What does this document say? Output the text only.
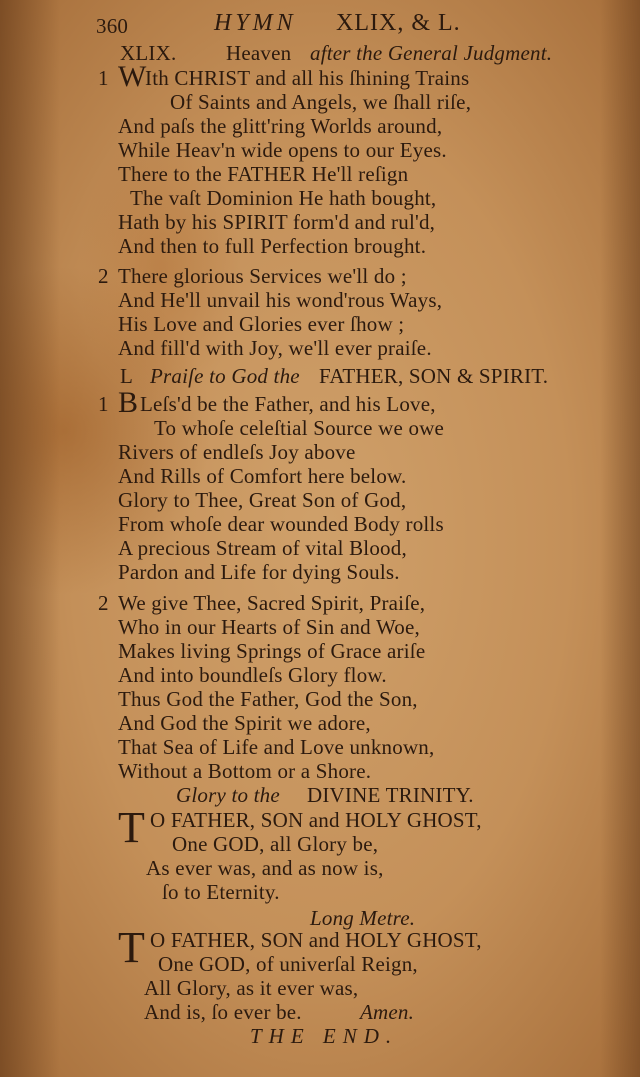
360	HYMN XLIX, & L.
XLIX. Heaven after the General Judgment.
1 W
Ith CHRIST and all his ſhining Trains
Of Saints and Angels, we ſhall riſe,
And paſs the glitt'ring Worlds around,
While Heav'n wide opens to our Eyes.
There to the FATHER He'll reſign
The vaſt Dominion He hath bought,
Hath by his SPIRIT form'd and rul'd,
And then to full Perfection brought.
2 There glorious Services we'll do ;
And He'll unvail his wond'rous Ways,
His Love and Glories ever ſhow ;
And fill'd with Joy, we'll ever praiſe.
L Praiſe to God the FATHER, SON & SPIRIT.
1 B Leſs'd be the Father, and his Love,
To whoſe celeſtial Source we owe
Rivers of endleſs Joy above
And Rills of Comfort here below.
Glory to Thee, Great Son of God,
From whoſe dear wounded Body rolls
A precious Stream of vital Blood,
Pardon and Life for dying Souls.
2 We give Thee, Sacred Spirit, Praiſe,
Who in our Hearts of Sin and Woe,
Makes living Springs of Grace ariſe
And into boundleſs Glory flow.
Thus God the Father, God the Son,
And God the Spirit we adore,
That Sea of Life and Love unknown,
Without a Bottom or a Shore.
Glory to the DIVINE TRINITY.
T O FATHER, SON and HOLY GHOST,
One GOD, all Glory be,
As ever was, and as now is,
ſo to Eternity.
Long Metre.
T O FATHER, SON and HOLY GHOST,
One GOD, of univerſal Reign,
All Glory, as it ever was,
And is, ſo ever be.	Amen.
THE END.
